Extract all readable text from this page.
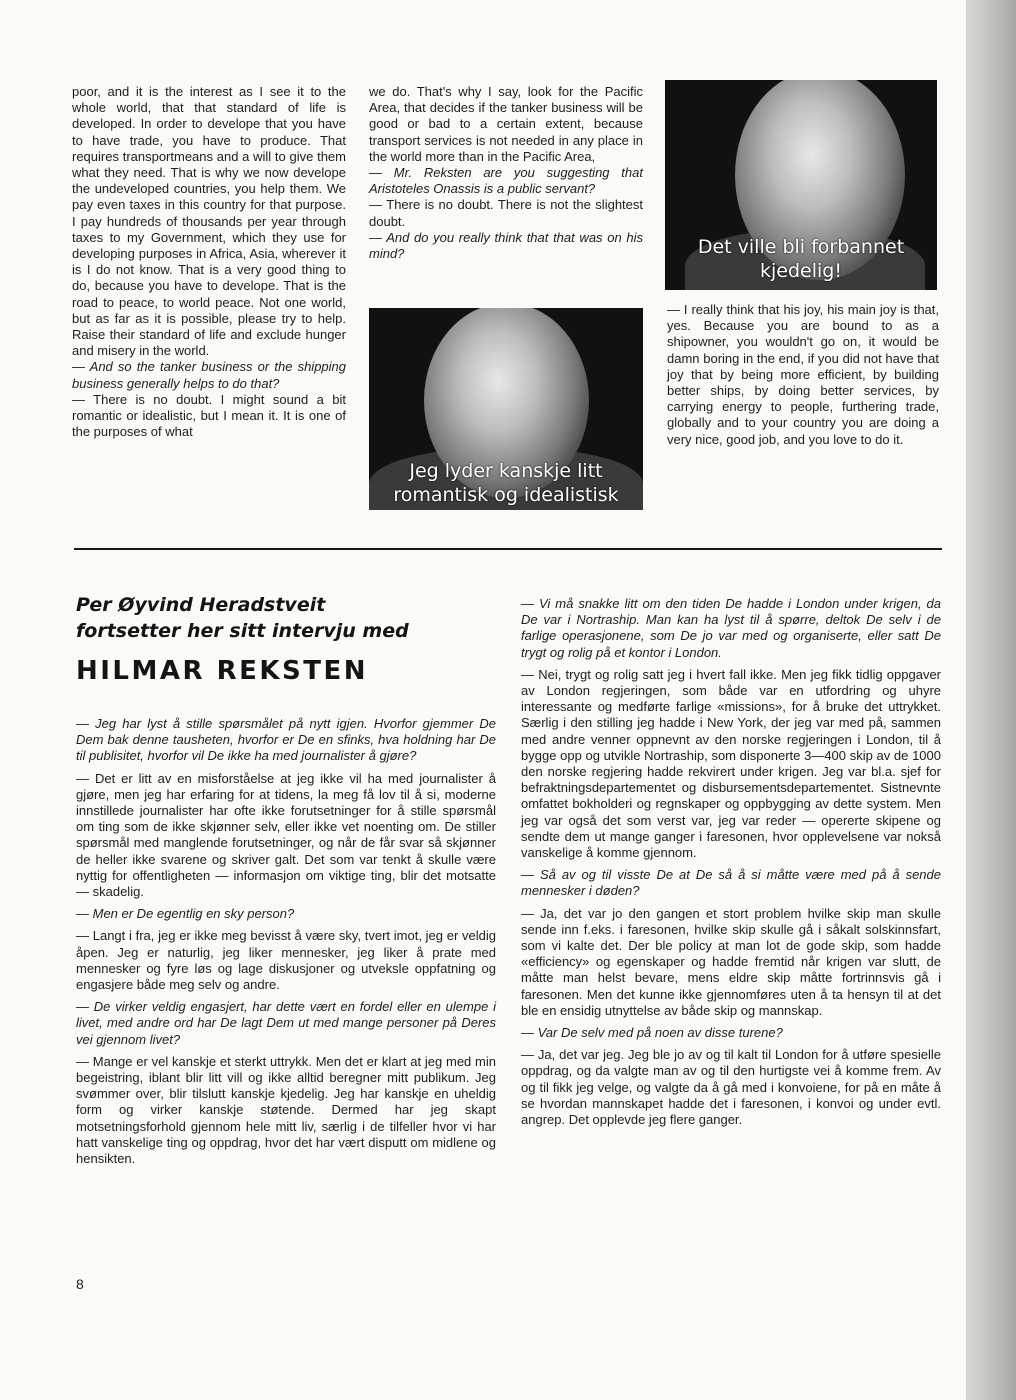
poor, and it is the interest as I see it to the whole world, that that standard of life is developed. In order to develope that you have to have trade, you have to produce. That requires transportmeans and a will to give them what they need. That is why we now develope the undeveloped countries, you help them. We pay even taxes in this country for that purpose. I pay hundreds of thousands per year through taxes to my Government, which they use for developing purposes in Africa, Asia, wherever it is I do not know. That is a very good thing to do, because you have to develope. That is the road to peace, to world peace. Not one world, but as far as it is possible, please try to help. Raise their standard of life and exclude hunger and misery in the world.

— And so the tanker business or the shipping business generally helps to do that?

— There is no doubt. I might sound a bit romantic or idealistic, but I mean it. It is one of the purposes of what

we do. That's why I say, look for the Pacific Area, that decides if the tanker business will be good or bad to a certain extent, because transport services is not needed in any place in the world more than in the Pacific Area,

— Mr. Reksten are you suggesting that Aristoteles Onassis is a public servant?

— There is no doubt. There is not the slightest doubt.

— And do you really think that that was on his mind?	Det ville bli forbannet
kjedelig!
Jeg lyder kanskje litt
romantisk og idealistisk

— I really think that his joy, his main joy is that, yes. Because you are bound to as a shipowner, you wouldn't go on, it would be damn boring in the end, if you did not have that joy that by being more efficient, by building better ships, by doing better services, by carrying energy to people, furthering trade, globally and to your country you are doing a very nice, good job, and you love to do it.

Per Øyvind Heradstveit
fortsetter her sitt intervju med
HILMAR REKSTEN

— Jeg har lyst å stille spørsmålet på nytt igjen. Hvorfor gjemmer De Dem bak denne tausheten, hvorfor er De en sfinks, hva holdning har De til publisitet, hvorfor vil De ikke ha med journalister å gjøre?

— Det er litt av en misforståelse at jeg ikke vil ha med journalister å gjøre, men jeg har erfaring for at tidens, la meg få lov til å si, moderne innstillede journalister har ofte ikke forutsetninger for å stille spørsmål om ting som de ikke skjønner selv, eller ikke vet noenting om. De stiller spørsmål med manglende forutsetninger, og når de får svar så skjønner de heller ikke svarene og skriver galt. Det som var tenkt å skulle være nyttig for offentligheten — informasjon om viktige ting, blir det motsatte — skadelig.

— Men er De egentlig en sky person?

— Langt i fra, jeg er ikke meg bevisst å være sky, tvert imot, jeg er veldig åpen. Jeg er naturlig, jeg liker mennesker, jeg liker å prate med mennesker og fyre løs og lage diskusjoner og utveksle oppfatning og engasjere både meg selv og andre.

— De virker veldig engasjert, har dette vært en fordel eller en ulempe i livet, med andre ord har De lagt Dem ut med mange personer på Deres vei gjennom livet?

— Mange er vel kanskje et sterkt uttrykk. Men det er klart at jeg med min begeistring, iblant blir litt vill og ikke alltid beregner mitt publikum. Jeg svømmer over, blir tilslutt kanskje kjedelig. Jeg har kanskje en uheldig form og virker kanskje støtende. Dermed har jeg skapt motsetningsforhold gjennom hele mitt liv, særlig i de tilfeller hvor vi har hatt vanskelige ting og oppdrag, hvor det har vært disputt om midlene og hensikten.

— Vi må snakke litt om den tiden De hadde i London under krigen, da De var i Nortraship. Man kan ha lyst til å spørre, deltok De selv i de farlige operasjonene, som De jo var med og organiserte, eller satt De trygt og rolig på et kontor i London.

— Nei, trygt og rolig satt jeg i hvert fall ikke. Men jeg fikk tidlig oppgaver av London regjeringen, som både var en utfordring og uhyre interessante og medførte farlige «missions», for å bruke det uttrykket. Særlig i den stilling jeg hadde i New York, der jeg var med på, sammen med andre venner oppnevnt av den norske regjeringen i London, til å bygge opp og utvikle Nortraship, som disponerte 3—400 skip av de 1000 den norske regjering hadde rekvirert under krigen. Jeg var bl.a. sjef for befraktningsdepartementet og disbursementsdepartementet. Sistnevnte omfattet bokholderi og regnskaper og oppbygging av dette system. Men jeg var også det som verst var, jeg var reder — opererte skipene og sendte dem ut mange ganger i faresonen, hvor opplevelsene var nokså vanskelige å komme gjennom.

— Så av og til visste De at De så å si måtte være med på å sende mennesker i døden?

— Ja, det var jo den gangen et stort problem hvilke skip man skulle sende inn f.eks. i faresonen, hvilke skip skulle gå i såkalt solskinnsfart, som vi kalte det. Der ble policy at man lot de gode skip, som hadde «efficiency» og egenskaper og hadde fremtid når krigen var slutt, de måtte man helst bevare, mens eldre skip måtte fortrinnsvis gå i faresonen. Men det kunne ikke gjennomføres uten å ta hensyn til at det ble en ensidig utnyttelse av både skip og mannskap.

— Var De selv med på noen av disse turene?

— Ja, det var jeg. Jeg ble jo av og til kalt til London for å utføre spesielle oppdrag, og da valgte man av og til den hurtigste vei å komme frem. Av og til fikk jeg velge, og valgte da å gå med i konvoiene, for på en måte å se hvordan mannskapet hadde det i faresonen, i konvoi og under evtl. angrep. Det opplevde jeg flere ganger.

8
